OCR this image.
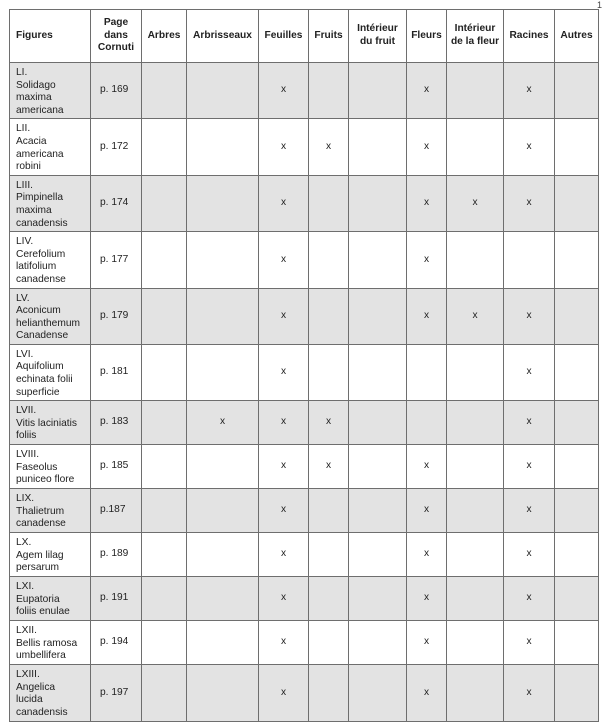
1
Figures	Page dans Cornuti	Arbres	Arbrisseaux	Feuilles	Fruits	Intérieur du fruit	Fleurs	Intérieur de la fleur	Racines	Autres

LI.
Solidago
maxima
americana	p. 169			x			x		x	

LII.
Acacia
americana
robini	p. 172			x	x		x		x	

LIII.
Pimpinella
maxima
canadensis	p. 174			x			x	x	x	

LIV.
Cerefolium
latifolium
canadense	p. 177			x			x			

LV.
Aconicum
helianthemum
Canadense	p. 179			x			x	x	x	

LVI.
Aquifolium
echinata folii
superficie	p. 181			x					x	

LVII.
Vitis laciniatis
foliis	p. 183		x	x	x				x	

LVIII.
Faseolus
puniceo flore	p. 185			x	x		x		x	

LIX.
Thalietrum
canadense	p.187			x			x		x	

LX.
Agem lilag
persarum	p. 189			x			x		x	

LXI.
Eupatoria
foliis enulae	p. 191			x			x		x	

LXII.
Bellis ramosa
umbellifera	p. 194			x			x		x	

LXIII.
Angelica
lucida
canadensis	p. 197			x			x		x	
